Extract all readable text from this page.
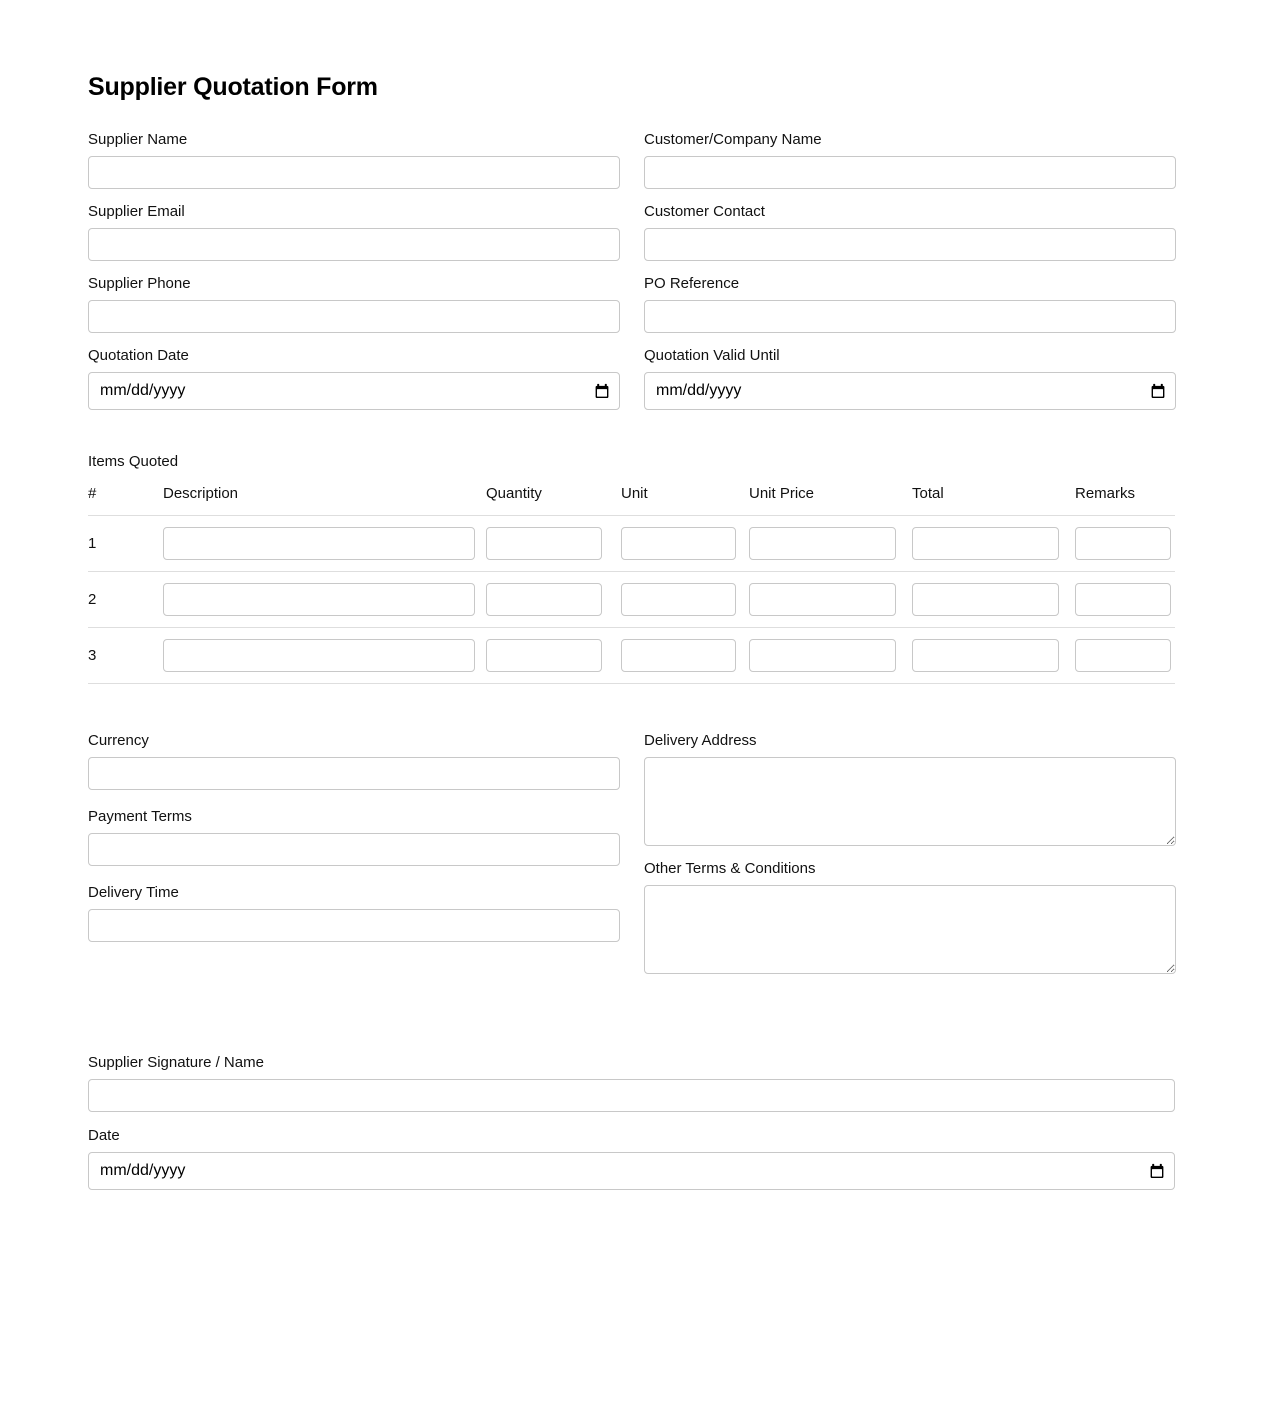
Supplier Quotation Form
Supplier Name
Supplier Email
Supplier Phone
Quotation Date
mm/dd/yyyy
Customer/Company Name
Customer Contact
PO Reference
Quotation Valid Until
mm/dd/yyyy
Items Quoted
#	Description	Quantity	Unit	Unit Price	Total	Remarks
1	

2	

3	

Currency
Payment Terms
Delivery Time
Delivery Address
Other Terms & Conditions
Supplier Signature / Name
Date
mm/dd/yyyy
